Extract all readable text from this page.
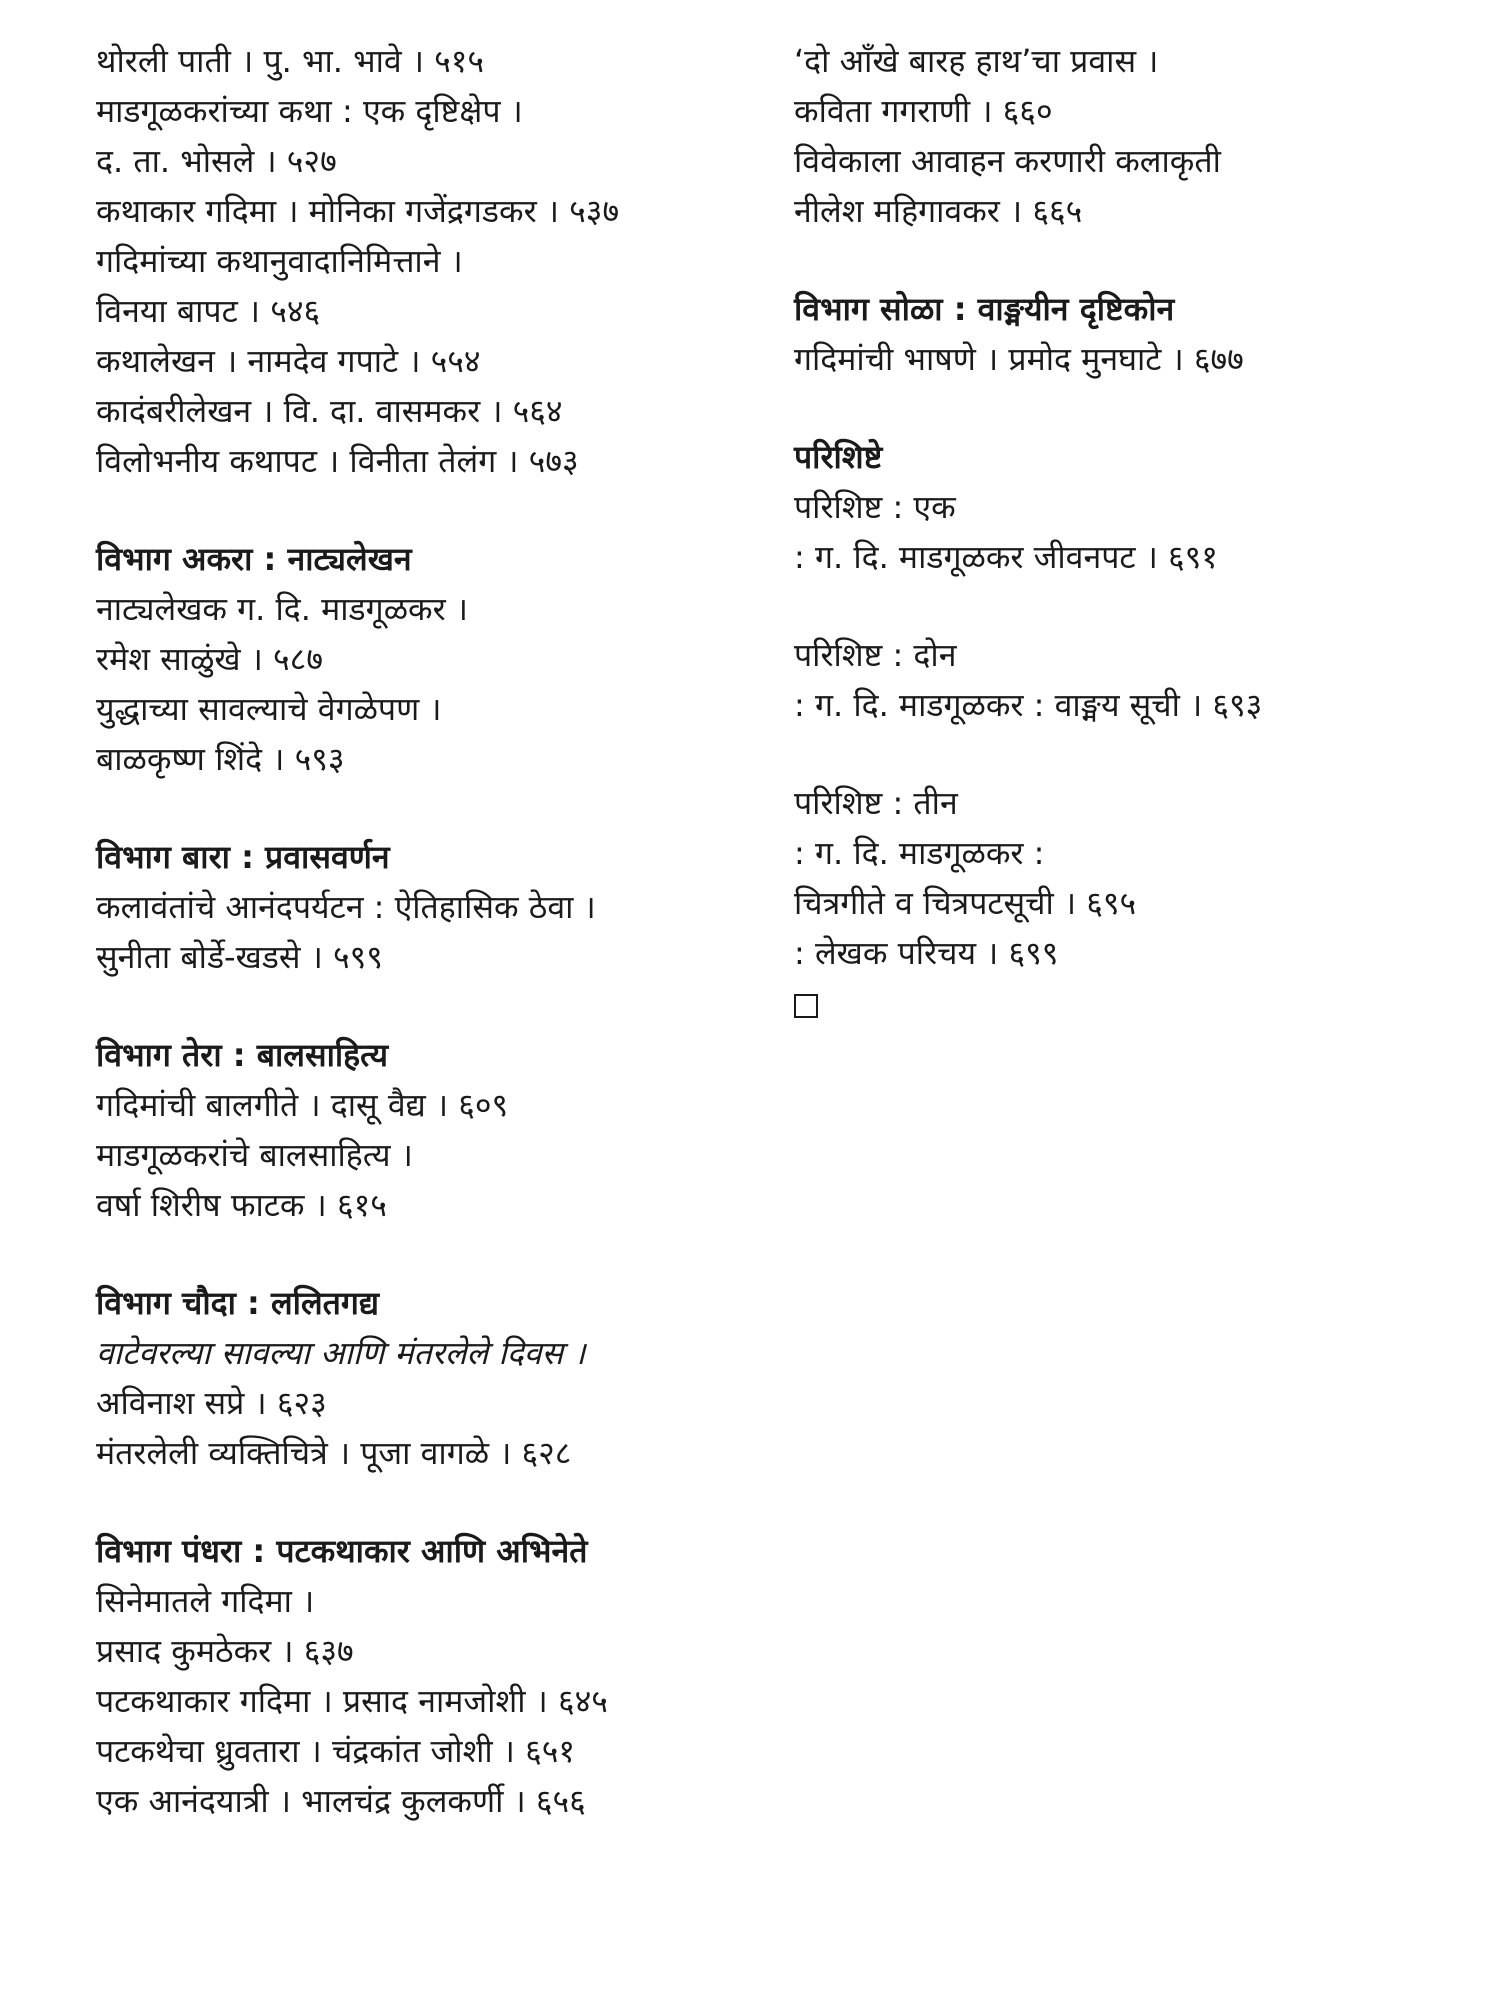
थोरली पाती । पु. भा. भावे । ५१५
माडगूळकरांच्या कथा : एक दृष्टिक्षेप ।
द. ता. भोसले । ५२७
कथाकार गदिमा । मोनिका गजेंद्रगडकर । ५३७
गदिमांच्या कथानुवादानिमित्ताने ।
विनया बापट । ५४६
कथालेखन । नामदेव गपाटे । ५५४
कादंबरीलेखन । वि. दा. वासमकर । ५६४
विलोभनीय कथापट । विनीता तेलंग । ५७३
विभाग अकरा : नाट्यलेखन
नाट्यलेखक ग. दि. माडगूळकर ।
रमेश साळुंखे । ५८७
युद्धाच्या सावल्याचे वेगळेपण ।
बाळकृष्ण शिंदे । ५९३
विभाग बारा : प्रवासवर्णन
कलावंतांचे आनंदपर्यटन : ऐतिहासिक ठेवा ।
सुनीता बोर्डे-खडसे । ५९९
विभाग तेरा : बालसाहित्य
गदिमांची बालगीते । दासू वैद्य । ६०९
माडगूळकरांचे बालसाहित्य ।
वर्षा शिरीष फाटक । ६१५
विभाग चौदा : ललितगद्य
वाटेवरल्या सावल्या आणि मंतरलेले दिवस ।
अविनाश सप्रे । ६२३
मंतरलेली व्यक्तिचित्रे । पूजा वागळे । ६२८
विभाग पंधरा : पटकथाकार आणि अभिनेते
सिनेमातले गदिमा ।
प्रसाद कुमठेकर । ६३७
पटकथाकार गदिमा । प्रसाद नामजोशी । ६४५
पटकथेचा ध्रुवतारा । चंद्रकांत जोशी । ६५१
एक आनंदयात्री । भालचंद्र कुलकर्णी । ६५६
‘दो आँखे बारह हाथ’चा प्रवास ।
कविता गगराणी । ६६०
विवेकाला आवाहन करणारी कलाकृती
नीलेश महिगावकर । ६६५
विभाग सोळा : वाङ्मयीन दृष्टिकोन
गदिमांची भाषणे । प्रमोद मुनघाटे । ६७७
परिशिष्टे
परिशिष्ट : एक
: ग. दि. माडगूळकर जीवनपट । ६९१
परिशिष्ट : दोन
: ग. दि. माडगूळकर : वाङ्मय सूची । ६९३
परिशिष्ट : तीन
: ग. दि. माडगूळकर :
चित्रगीते व चित्रपटसूची । ६९५
: लेखक परिचय । ६९९
